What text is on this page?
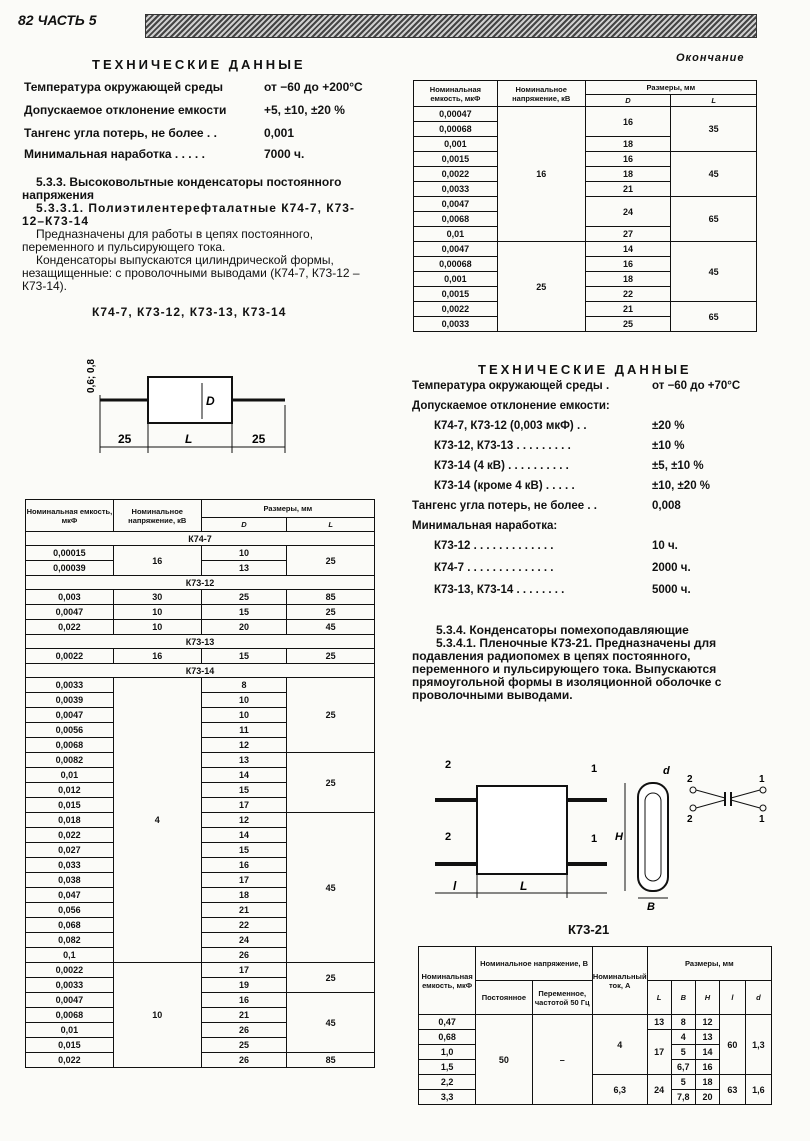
82 ЧАСТЬ 5
ТЕХНИЧЕСКИЕ ДАННЫЕ
Температура окружающей среды	от −60 до +200°C
Допускаемое отклонение емкости	+5, ±10, ±20 %
Тангенс угла потерь, не более . .	0,001
Минимальная наработка . . . . .	7000 ч.
5.3.3. Высоковольтные конденсаторы постоянного напряжения
5.3.3.1. Полиэтилентерефталатные К74-7, К73-12–К73-14
Предназначены для работы в цепях постоянного, переменного и пульсирующего тока.
Конденсаторы выпускаются цилиндрической формы, незащищенные: с проволочными выводами (К74-7, К73-12 – К73-14).
К74-7, К73-12, К73-13, К73-14
25	L	25
D
0,6; 0,8
Номинальная емкость, мкФ	Номинальное напряжение, кВ	Размеры, мм	
		D	L
К74-7			
0,00015	16	10	25
0,00039		13	
К73-12			
0,003	30	25	85
0,0047	10	15	25
0,022	10	20	45
К73-13			
0,0022	16	15	25
К73-14			
0,0033	4	8	25
0,0039		10	
0,0047		10	
0,0056		11	
0,0068		12	
0,0082		13	25
0,01		14	
0,012		15	
0,015		17	
0,018		12	45
0,022		14	
0,027		15	
0,033		16	
0,038		17	
0,047		18	
0,056		21	
0,068		22	
0,082		24	
0,1		26	
0,0022	10	17	25
0,0033		19	
0,0047		16	45
0,0068		21	
0,01		26	
0,015		25	
0,022		26	85
Окончание
Номинальная емкость, мкФ	Номинальное напряжение, кВ	Размеры, мм	
		D	L
0,00047	16	16	35
0,00068			
0,001		18	
0,0015		16	45
0,0022		18	
0,0033		21	
0,0047		24	65
0,0068			
0,01		27	
0,0047	25	14	45
0,00068		16	
0,001		18	
0,0015		22	
0,0022		21	65
0,0033		25	
ТЕХНИЧЕСКИЕ ДАННЫЕ
Температура окружающей среды .	от −60 до +70°C
Допускаемое отклонение емкости:
К74-7, К73-12 (0,003 мкФ) . .	±20 %
К73-12, К73-13 . . . . . . . . .	±10 %
К73-14 (4 кВ) . . . . . . . . . .	±5, ±10 %
К73-14 (кроме 4 кВ) . . . . .	±10, ±20 %
Тангенс угла потерь, не более . .	0,008
Минимальная наработка:
К73-12 . . . . . . . . . . . . .	10 ч.
К74-7 . . . . . . . . . . . . . .	2000 ч.
К73-13, К73-14 . . . . . . . .	5000 ч.
5.3.4. Конденсаторы помехоподавляющие
5.3.4.1. Пленочные К73-21. Предназначены для подавления радиопомех в цепях постоянного, переменного и пульсирующего тока. Выпускаются прямоугольной формы в изоляционной оболочке с проволочными выводами.
2
2
1
1
l	L
H
B
d
2
2
1
1
К73-21
Номинальная емкость, мкФ	Номинальное напряжение, В		Номинальный ток, А	Размеры, мм				
	Постоянное	Переменное, частотой 50 Гц		L	B	H	l	d
0,47	50	–	4	13	8	12	60	1,3
0,68				17	4	13		
1,0					5	14		
1,5					6,7	16		
2,2			6,3	24	5	18	63	1,6
3,3					7,8	20		
